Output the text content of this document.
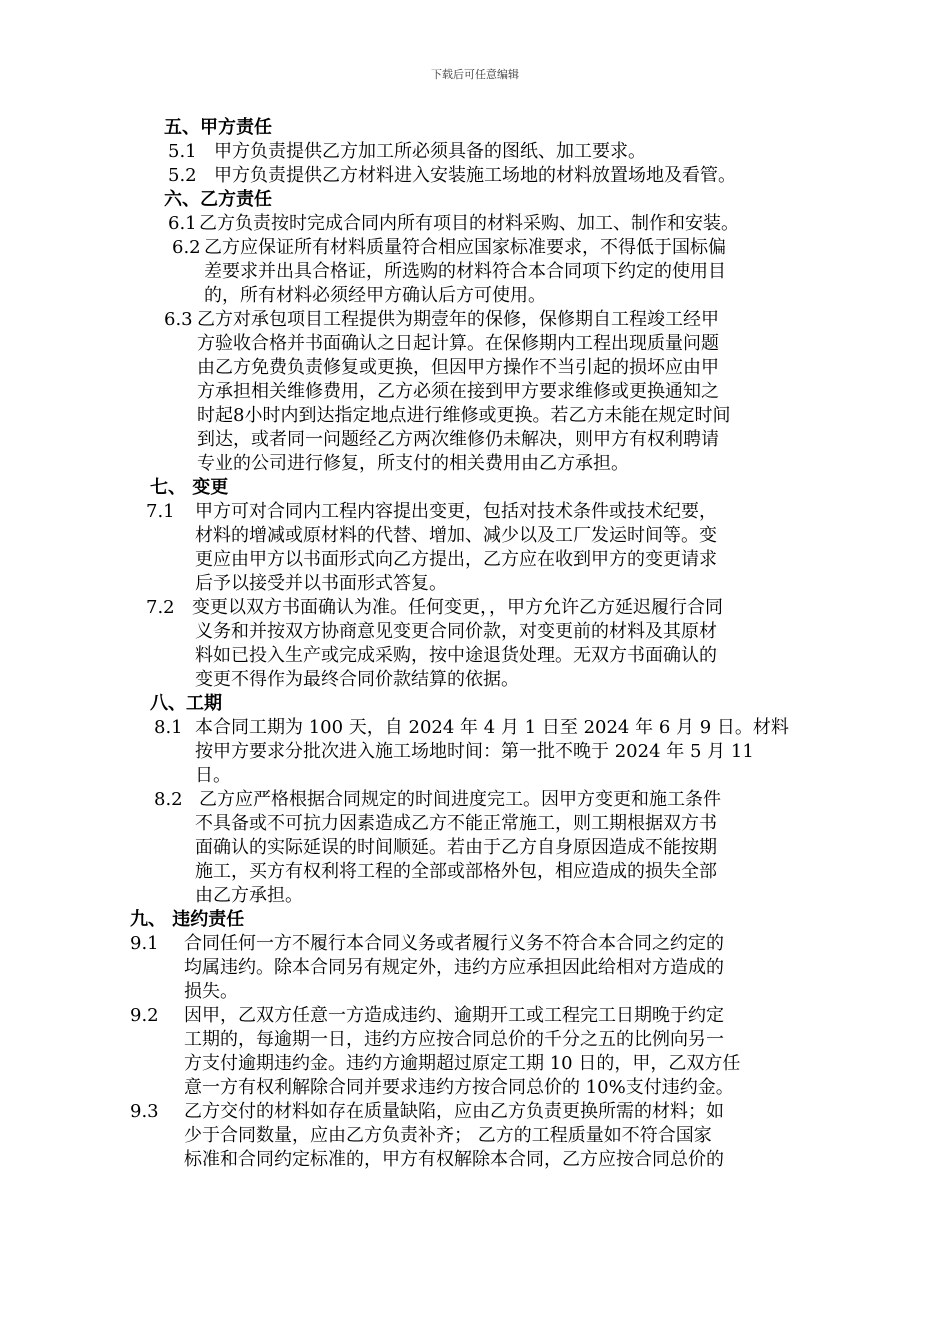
下载后可任意编辑
五、甲方责任
5.1 甲方负责提供乙方加工所必须具备的图纸、加工要求。
5.2 甲方负责提供乙方材料进入安装施工场地的材料放置场地及看管。
六、乙方责任
6.1 乙方负责按时完成合同内所有项目的材料采购、加工、制作和安装。
6.2 乙方应保证所有材料质量符合相应国家标准要求，不得低于国标偏
差要求并出具合格证，所选购的材料符合本合同项下约定的使用目
的，所有材料必须经甲方确认后方可使用。
6.3 乙方对承包项目工程提供为期壹年的保修，保修期自工程竣工经甲
方验收合格并书面确认之日起计算。在保修期内工程出现质量问题
由乙方免费负责修复或更换，但因甲方操作不当引起的损坏应由甲
方承担相关维修费用，乙方必须在接到甲方要求维修或更换通知之
时起8小时内到达指定地点进行维修或更换。若乙方未能在规定时间
到达，或者同一问题经乙方两次维修仍未解决，则甲方有权利聘请
专业的公司进行修复，所支付的相关费用由乙方承担。
七、 变更
7.1 甲方可对合同内工程内容提出变更，包括对技术条件或技术纪要，
材料的增减或原材料的代替、增加、减少以及工厂发运时间等。变
更应由甲方以书面形式向乙方提出，乙方应在收到甲方的变更请求
后予以接受并以书面形式答复。
7.2 变更以双方书面确认为准。任何变更，，甲方允许乙方延迟履行合同
义务和并按双方协商意见变更合同价款，对变更前的材料及其原材
料如已投入生产或完成采购，按中途退货处理。无双方书面确认的
变更不得作为最终合同价款结算的依据。
八、工期
8.1 本合同工期为 100 天，自 2024 年 4 月 1 日至 2024 年 6 月 9 日。材料
按甲方要求分批次进入施工场地时间：第一批不晚于 2024 年 5 月 11
日。
8.2 乙方应严格根据合同规定的时间进度完工。因甲方变更和施工条件
不具备或不可抗力因素造成乙方不能正常施工，则工期根据双方书
面确认的实际延误的时间顺延。若由于乙方自身原因造成不能按期
施工，买方有权利将工程的全部或部格外包，相应造成的损失全部
由乙方承担。
九、 违约责任
9.1 合同任何一方不履行本合同义务或者履行义务不符合本合同之约定的
均属违约。除本合同另有规定外，违约方应承担因此给相对方造成的
损失。
9.2 因甲，乙双方任意一方造成违约、逾期开工或工程完工日期晚于约定
工期的，每逾期一日，违约方应按合同总价的千分之五的比例向另一
方支付逾期违约金。违约方逾期超过原定工期 10 日的，甲，乙双方任
意一方有权利解除合同并要求违约方按合同总价的 10%支付违约金。
9.3 乙方交付的材料如存在质量缺陷，应由乙方负责更换所需的材料；如
少于合同数量，应由乙方负责补齐； 乙方的工程质量如不符合国家
标准和合同约定标准的，甲方有权解除本合同，乙方应按合同总价的
